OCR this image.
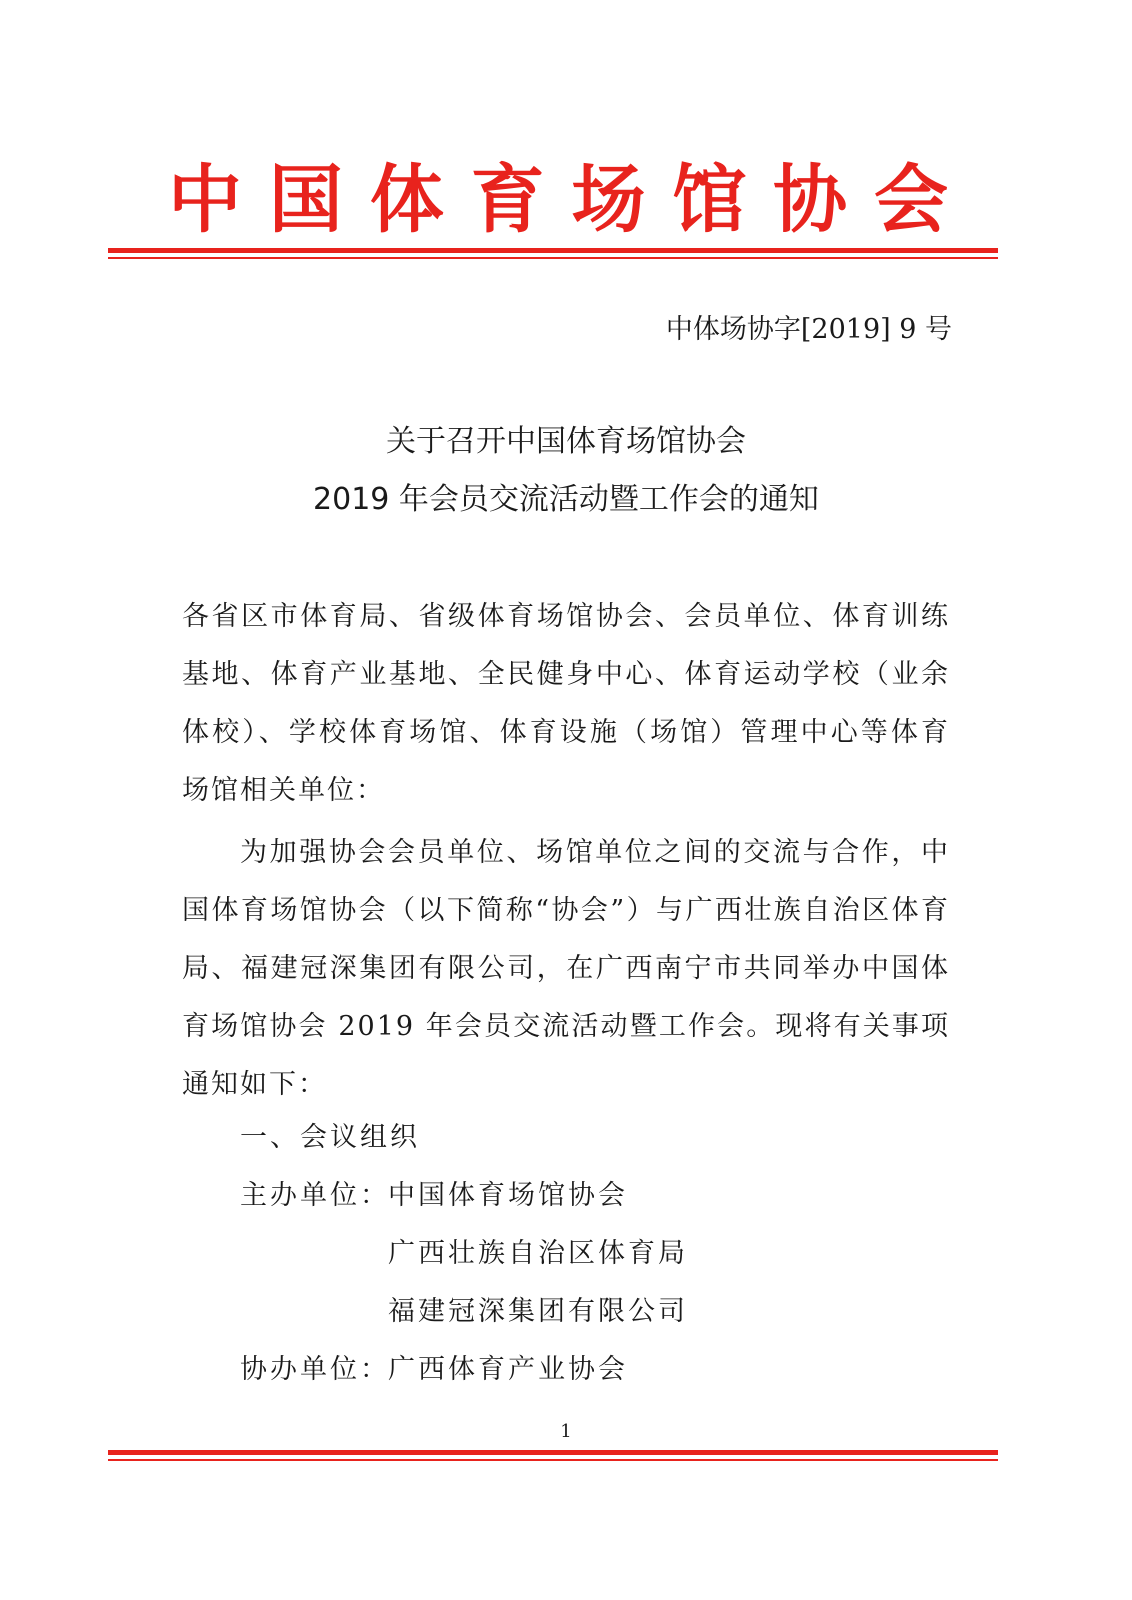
中国体育场馆协会
中体场协字[2019] 9 号
关于召开中国体育场馆协会
2019 年会员交流活动暨工作会的通知
各省区市体育局、省级体育场馆协会、会员单位、体育训练基地、体育产业基地、全民健身中心、体育运动学校（业余体校）、学校体育场馆、体育设施（场馆）管理中心等体育场馆相关单位：
为加强协会会员单位、场馆单位之间的交流与合作，中国体育场馆协会（以下简称“协会”）与广西壮族自治区体育局、福建冠深集团有限公司，在广西南宁市共同举办中国体育场馆协会 2019 年会员交流活动暨工作会。现将有关事项通知如下：
一、会议组织
主办单位：
中国体育场馆协会
广西壮族自治区体育局
福建冠深集团有限公司
协办单位：
广西体育产业协会
1
